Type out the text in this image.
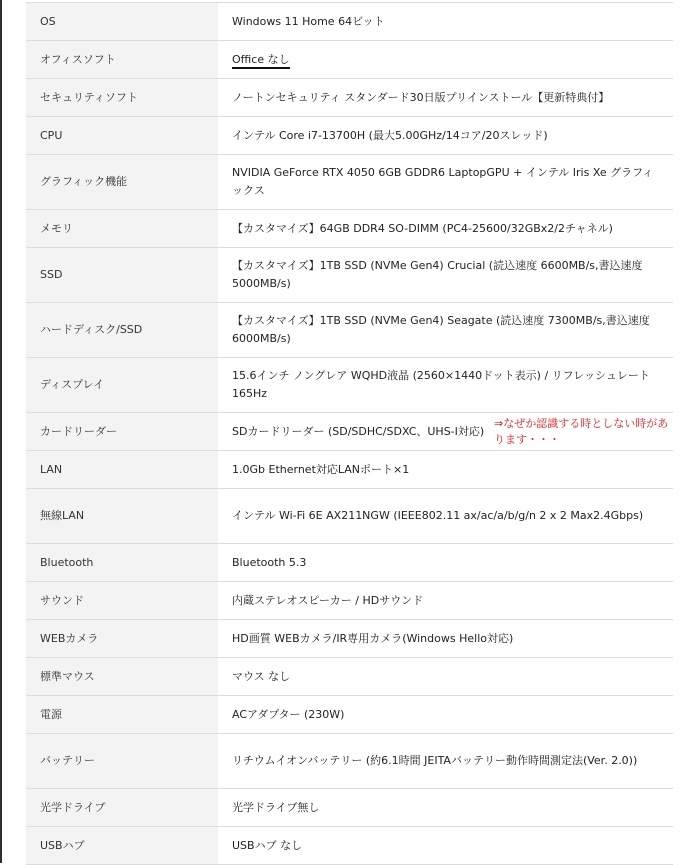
OS	Windows 11 Home 64ビット
オフィスソフト	Office なし
セキュリティソフト	ノートンセキュリティ スタンダード30日版プリインストール【更新特典付】
CPU	インテル Core i7-13700H (最大5.00GHz/14コア/20スレッド)
グラフィック機能	NVIDIA GeForce RTX 4050 6GB GDDR6 LaptopGPU + インテル Iris Xe グラフィックス
メモリ	【カスタマイズ】64GB DDR4 SO-DIMM (PC4-25600/32GBx2/2チャネル)
SSD	【カスタマイズ】1TB SSD (NVMe Gen4) Crucial (読込速度 6600MB/s,書込速度 5000MB/s)
ハードディスク/SSD	【カスタマイズ】1TB SSD (NVMe Gen4) Seagate (読込速度 7300MB/s,書込速度 6000MB/s)
ディスプレイ	15.6インチ ノングレア WQHD液晶 (2560×1440ドット表示) / リフレッシュレート 165Hz
カードリーダー	SDカードリーダー (SD/SDHC/SDXC、UHS-I対応)
⇒なぜか認識する時としない時があります・・・

LAN	1.0Gb Ethernet対応LANポート×1
無線LAN	インテル Wi-Fi 6E AX211NGW (IEEE802.11 ax/ac/a/b/g/n 2 x 2 Max2.4Gbps)
Bluetooth	Bluetooth 5.3
サウンド	内蔵ステレオスピーカー / HDサウンド
WEBカメラ	HD画質 WEBカメラ/IR専用カメラ(Windows Hello対応)
標準マウス	マウス なし
電源	ACアダプター (230W)
バッテリー	リチウムイオンバッテリー (約6.1時間 JEITAバッテリー動作時間測定法(Ver. 2.0))
光学ドライブ	光学ドライブ無し
USBハブ	USBハブ なし
